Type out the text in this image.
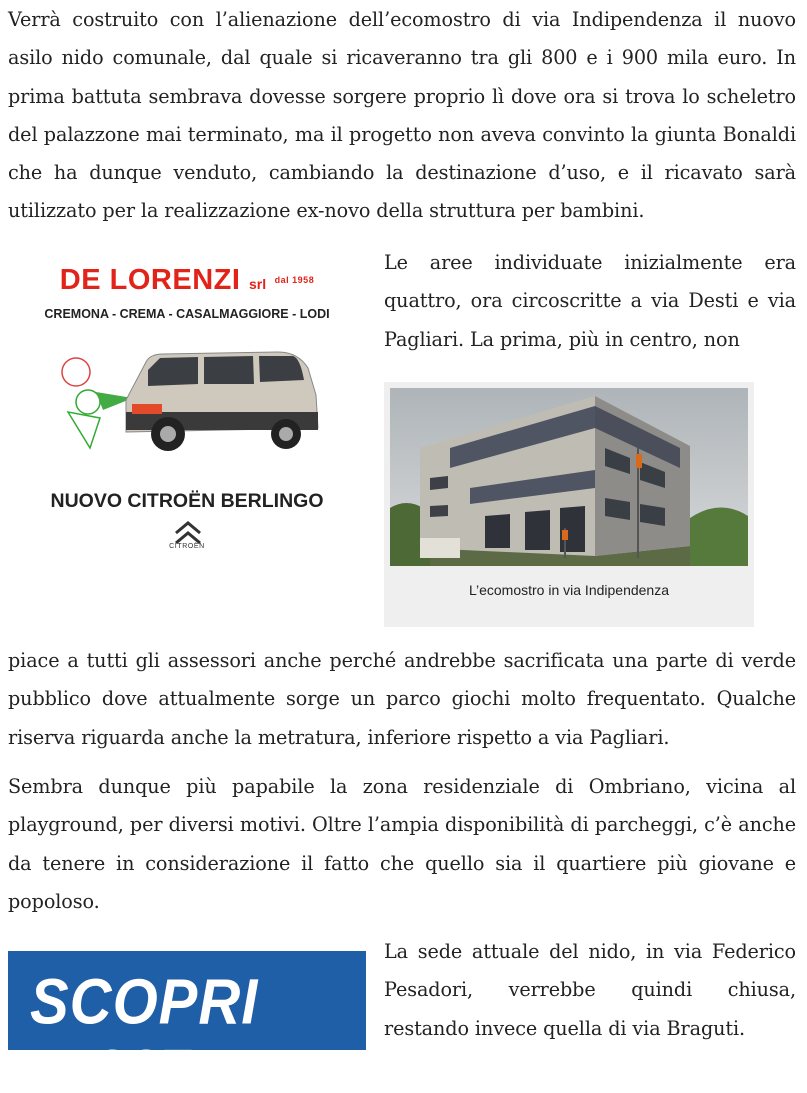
Verrà costruito con l’alienazione dell’ecomostro di via Indipendenza il nuovo asilo nido comunale, dal quale si ricaveranno tra gli 800 e i 900 mila euro. In prima battuta sembrava dovesse sorgere proprio lì dove ora si trova lo scheletro del palazzone mai terminato, ma il progetto non aveva convinto la giunta Bonaldi che ha dunque venduto, cambiando la destinazione d’uso, e il ricavato sarà utilizzato per la realizzazione ex-novo della struttura per bambini.

DE LORENZI srl $^{dal 1958}$
CREMONA - CREMA - CASALMAGGIORE - LODI
NUOVO CITROËN BERLINGO
CITROËN

Le aree individuate inizialmente era quattro, ora circoscritte a via Desti e via Pagliari. La prima, più in centro, non

L’ecomostro in via Indipendenza

piace a tutti gli assessori anche perché andrebbe sacrificata una parte di verde pubblico dove attualmente sorge un parco giochi molto frequentato. Qualche riserva riguarda anche la metratura, inferiore rispetto a via Pagliari.

Sembra dunque più papabile la zona residenziale di Ombriano, vicina al playground, per diversi motivi. Oltre l’ampia disponibilità di parcheggi, c’è anche da tenere in considerazione il fatto che quello sia il quartiere più giovane e popoloso.

SCOPRI
I NOSTRI

La sede attuale del nido, in via Federico Pesadori, verrebbe quindi chiusa, restando invece quella di via Braguti.
